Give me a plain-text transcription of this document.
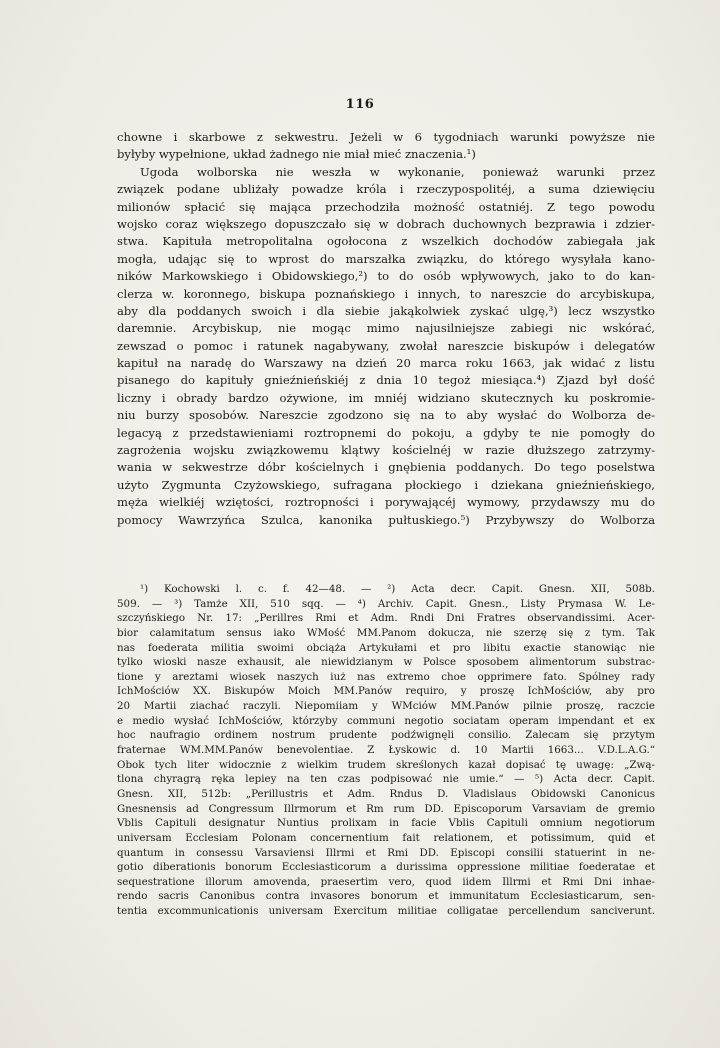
116
chowne i skarbowe z sekwestru. Jeżeli w 6 tygodniach warunki powyższe nie
byłyby wypełnione, układ żadnego nie miał mieć znaczenia.¹)
Ugoda wolborska nie weszła w wykonanie, ponieważ warunki przez
związek podane ubliżały powadze króla i rzeczypospolitéj, a suma dziewięciu
milionów spłacić się mająca przechodziła możność ostatniéj. Z tego powodu
wojsko coraz większego dopuszczało się w dobrach duchownych bezprawia i zdzier-
stwa. Kapituła metropolitalna ogołocona z wszelkich dochodów zabiegała jak
mogła, udając się to wprost do marszałka związku, do którego wysyłała kano-
ników Markowskiego i Obidowskiego,²) to do osób wpływowych, jako to do kan-
clerza w. koronnego, biskupa poznańskiego i innych, to nareszcie do arcybiskupa,
aby dla poddanych swoich i dla siebie jakąkolwiek zyskać ulgę,³) lecz wszystko
daremnie. Arcybiskup, nie mogąc mimo najusilniejsze zabiegi nic wskórać,
zewszad o pomoc i ratunek nagabywany, zwołał nareszcie biskupów i delegatów
kapituł na naradę do Warszawy na dzień 20 marca roku 1663, jak widać z listu
pisanego do kapituły gnieźnieńskiéj z dnia 10 tegoż miesiąca.⁴) Zjazd był dość
liczny i obrady bardzo ożywione, im mniéj widziano skutecznych ku poskromie-
niu burzy sposobów. Nareszcie zgodzono się na to aby wysłać do Wolborza de-
legacyą z przedstawieniami roztropnemi do pokoju, a gdyby te nie pomogły do
zagrożenia wojsku związkowemu klątwy kościelnéj w razie dłuższego zatrzymy-
wania w sekwestrze dóbr kościelnych i gnębienia poddanych. Do tego poselstwa
użyto Zygmunta Czyżowskiego, sufragana płockiego i dziekana gnieźnieńskiego,
męża wielkiéj wziętości, roztropności i porywającéj wymowy, przydawszy mu do
pomocy Wawrzyńca Szulca, kanonika pułtuskiego.⁵) Przybywszy do Wolborza
¹) Kochowski l. c. f. 42—48. — ²) Acta decr. Capit. Gnesn. XII, 508b.
509. — ³) Tamże XII, 510 sqq. — ⁴) Archiv. Capit. Gnesn., Listy Prymasa W. Le-
szczyńskiego Nr. 17: „Perillres Rmi et Adm. Rndi Dni Fratres observandissimi. Acer-
bior calamitatum sensus iako WMość MM.Panom dokucza, nie szerzę się z tym. Tak
nas foederata militia swoimi obciąża Artykułami et pro libitu exactie stanowiąc nie
tylko wioski nasze exhausit, ale niewidzianym w Polsce sposobem alimentorum substrac-
tione y areztami wiosek naszych iuż nas extremo choe opprimere fato. Spólney rady
IchMościów XX. Biskupów Moich MM.Panów requiro, y proszę IchMościów, aby pro
20 Martii ziachać raczyli. Niepomiiam y WMciów MM.Panów pilnie proszę, raczcie
e medio wysłać IchMościów, którzyby communi negotio sociatam operam impendant et ex
hoc naufragio ordinem nostrum prudente podźwignęli consilio. Zalecam się przytym
fraternae WM.MM.Panów benevolentiae. Z Łyskowic d. 10 Martii 1663... V.D.L.A.G.“
Obok tych liter widocznie z wielkim trudem skreślonych kazał dopisać tę uwagę: „Zwą-
tlona chyragrą ręka lepiey na ten czas podpisować nie umie.“ — ⁵) Acta decr. Capit.
Gnesn. XII, 512b: „Perillustris et Adm. Rndus D. Vladislaus Obidowski Canonicus
Gnesnensis ad Congressum Illrmorum et Rm rum DD. Episcoporum Varsaviam de gremio
Vblis Capituli designatur Nuntius prolixam in facie Vblis Capituli omnium negotiorum
universam Ecclesiam Polonam concernentium fait relationem, et potissimum, quid et
quantum in consessu Varsaviensi Illrmi et Rmi DD. Episcopi consilii statuerint in ne-
gotio diberationis bonorum Ecclesiasticorum a durissima oppressione militiae foederatae et
sequestratione illorum amovenda, praesertim vero, quod iidem Illrmi et Rmi Dni inhae-
rendo sacris Canonibus contra invasores bonorum et immunitatum Ecclesiasticarum, sen-
tentia excommunicationis universam Exercitum militiae colligatae percellendum sanciverunt.
